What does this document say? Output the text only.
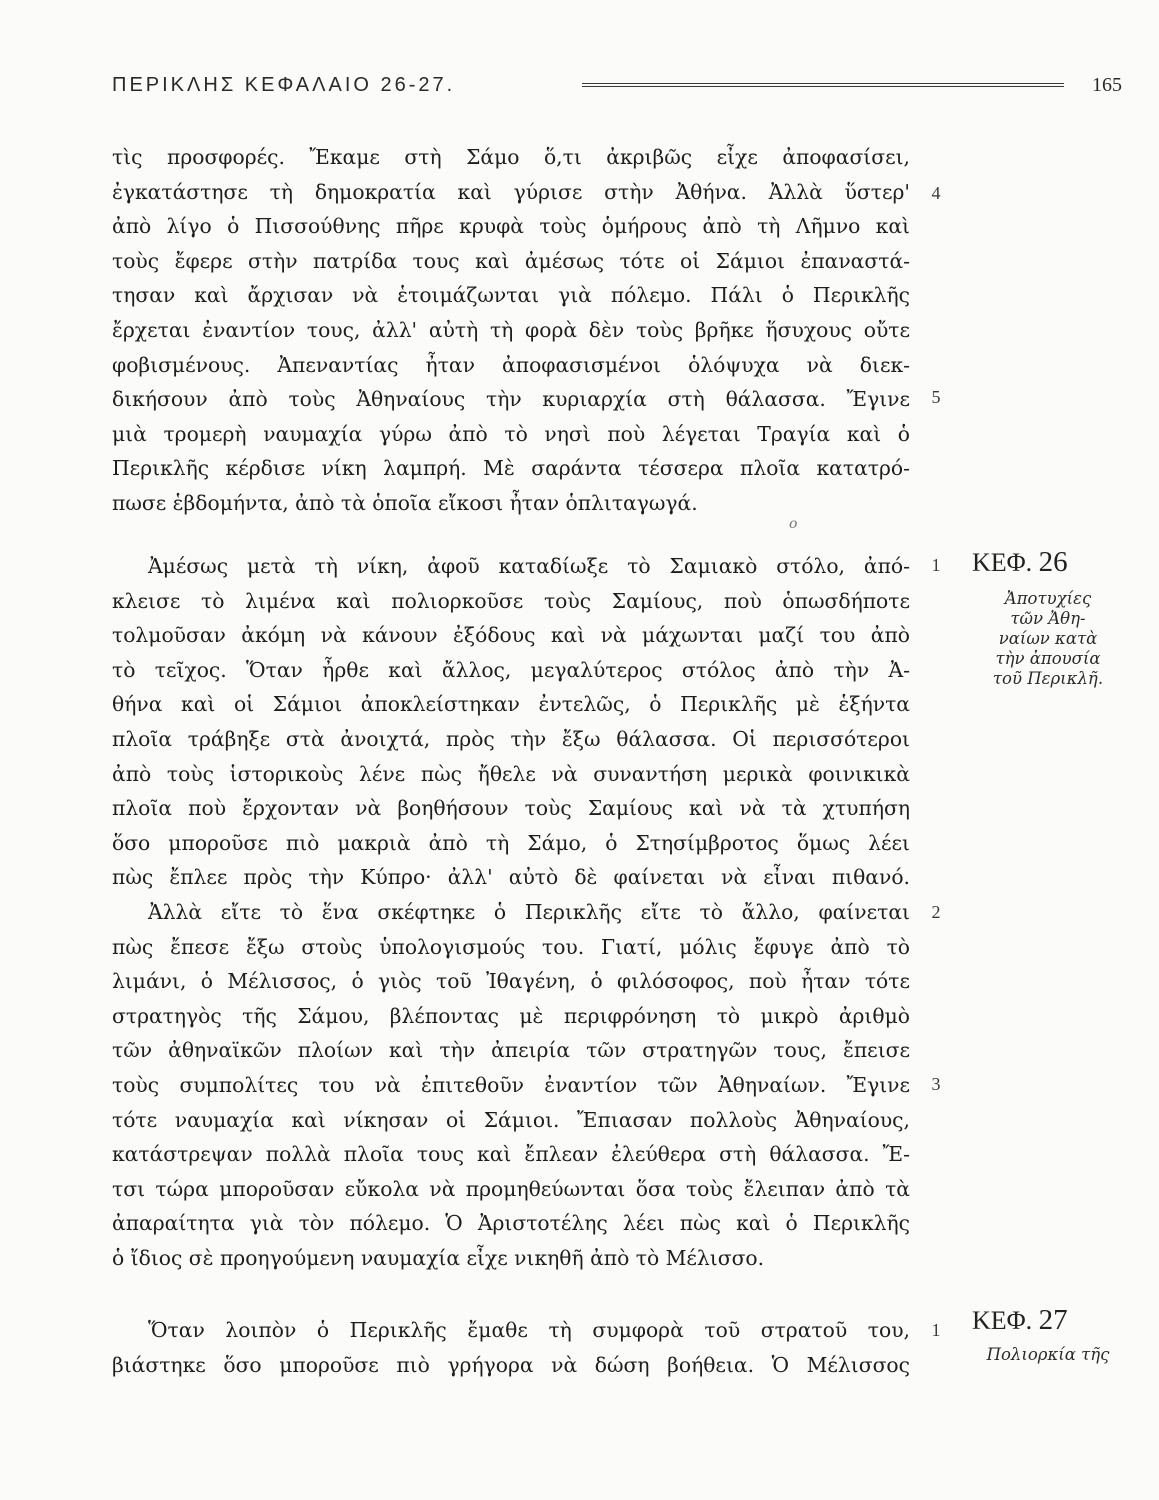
ΠΕΡΙΚΛΗΣ ΚΕΦΑΛΑΙΟ 26-27.	165
τὶς προσφορές. Ἔκαμε στὴ Σάμο ὅ,τι ἀκριβῶς εἶχε ἀποφασίσει,
ἐγκατάστησε τὴ δημοκρατία καὶ γύρισε στὴν Ἀθήνα. Ἀλλὰ ὕστερ'
ἀπὸ λίγο ὁ Πισσούθνης πῆρε κρυφὰ τοὺς ὁμήρους ἀπὸ τὴ Λῆμνο καὶ
τοὺς ἔφερε στὴν πατρίδα τους καὶ ἀμέσως τότε οἱ Σάμιοι ἐπαναστά-
τησαν καὶ ἄρχισαν νὰ ἑτοιμάζωνται γιὰ πόλεμο. Πάλι ὁ Περικλῆς
ἔρχεται ἐναντίον τους, ἀλλ' αὐτὴ τὴ φορὰ δὲν τοὺς βρῆκε ἥσυχους οὔτε
φοβισμένους. Ἀπεναντίας ἦταν ἀποφασισμένοι ὁλόψυχα νὰ διεκ-
δικήσουν ἀπὸ τοὺς Ἀθηναίους τὴν κυριαρχία στὴ θάλασσα. Ἔγινε
μιὰ τρομερὴ ναυμαχία γύρω ἀπὸ τὸ νησὶ ποὺ λέγεται Τραγία καὶ ὁ
Περικλῆς κέρδισε νίκη λαμπρή. Μὲ σαράντα τέσσερα πλοῖα κατατρό-
πωσε ἑβδομήντα, ἀπὸ τὰ ὁποῖα εἴκοσι ἦταν ὁπλιταγωγά.
ο
Ἀμέσως μετὰ τὴ νίκη, ἀφοῦ καταδίωξε τὸ Σαμιακὸ στόλο, ἀπό-
κλεισε τὸ λιμένα καὶ πολιορκοῦσε τοὺς Σαμίους, ποὺ ὁπωσδήποτε
τολμοῦσαν ἀκόμη νὰ κάνουν ἐξόδους καὶ νὰ μάχωνται μαζί του ἀπὸ
τὸ τεῖχος. Ὅταν ἦρθε καὶ ἄλλος, μεγαλύτερος στόλος ἀπὸ τὴν Ἀ-
θήνα καὶ οἱ Σάμιοι ἀποκλείστηκαν ἐντελῶς, ὁ Περικλῆς μὲ ἑξήντα
πλοῖα τράβηξε στὰ ἀνοιχτά, πρὸς τὴν ἔξω θάλασσα. Οἱ περισσότεροι
ἀπὸ τοὺς ἱστορικοὺς λένε πὼς ἤθελε νὰ συναντήση μερικὰ φοινικικὰ
πλοῖα ποὺ ἔρχονταν νὰ βοηθήσουν τοὺς Σαμίους καὶ νὰ τὰ χτυπήση
ὅσο μποροῦσε πιὸ μακριὰ ἀπὸ τὴ Σάμο, ὁ Στησίμβροτος ὅμως λέει
πὼς ἔπλεε πρὸς τὴν Κύπρο· ἀλλ' αὐτὸ δὲ φαίνεται νὰ εἶναι πιθανό.
Ἀλλὰ εἴτε τὸ ἕνα σκέφτηκε ὁ Περικλῆς εἴτε τὸ ἄλλο, φαίνεται
πὼς ἔπεσε ἔξω στοὺς ὑπολογισμούς του. Γιατί, μόλις ἔφυγε ἀπὸ τὸ
λιμάνι, ὁ Μέλισσος, ὁ γιὸς τοῦ Ἰθαγένη, ὁ φιλόσοφος, ποὺ ἦταν τότε
στρατηγὸς τῆς Σάμου, βλέποντας μὲ περιφρόνηση τὸ μικρὸ ἀριθμὸ
τῶν ἀθηναϊκῶν πλοίων καὶ τὴν ἀπειρία τῶν στρατηγῶν τους, ἔπεισε
τοὺς συμπολίτες του νὰ ἐπιτεθοῦν ἐναντίον τῶν Ἀθηναίων. Ἔγινε
τότε ναυμαχία καὶ νίκησαν οἱ Σάμιοι. Ἔπιασαν πολλοὺς Ἀθηναίους,
κατάστρεψαν πολλὰ πλοῖα τους καὶ ἔπλεαν ἐλεύθερα στὴ θάλασσα. Ἔ-
τσι τώρα μποροῦσαν εὔκολα νὰ προμηθεύωνται ὅσα τοὺς ἔλειπαν ἀπὸ τὰ
ἀπαραίτητα γιὰ τὸν πόλεμο. Ὁ Ἀριστοτέλης λέει πὼς καὶ ὁ Περικλῆς
ὁ ἴδιος σὲ προηγούμενη ναυμαχία εἶχε νικηθῆ ἀπὸ τὸ Μέλισσο.
Ὅταν λοιπὸν ὁ Περικλῆς ἔμαθε τὴ συμφορὰ τοῦ στρατοῦ του,
βιάστηκε ὅσο μποροῦσε πιὸ γρήγορα νὰ δώση βοήθεια. Ὁ Μέλισσος
4
5
1
2
3
1
ΚΕΦ. 26
Ἀποτυχίες
τῶν Ἀθη-
ναίων κατὰ
τὴν ἀπουσία
τοῦ Περικλῆ.
ΚΕΦ. 27
Πολιορκία τῆς
